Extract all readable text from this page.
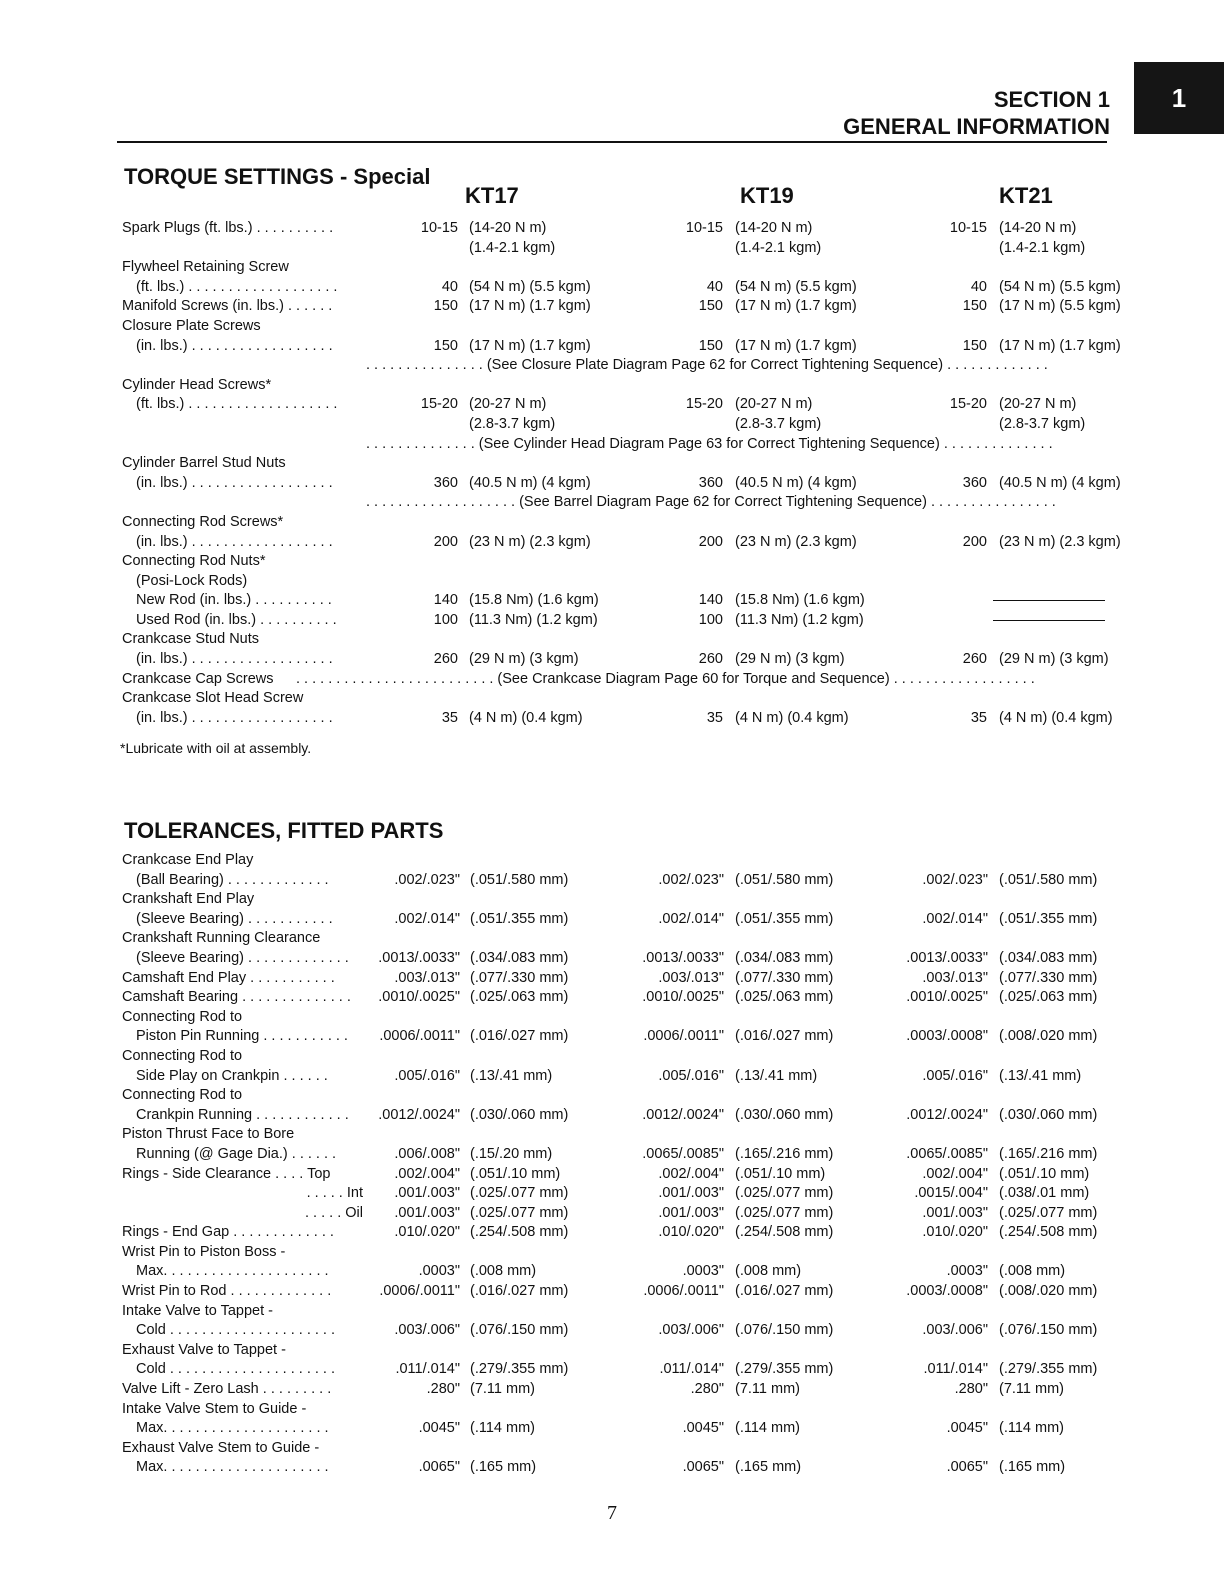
1
SECTION 1
GENERAL INFORMATION
TORQUE SETTINGS - Special
KT17	KT19	KT21
Spark Plugs (ft. lbs.) . . . . . . . . . .	10-15 (14-20 N m)	10-15 (14-20 N m)	10-15 (14-20 N m)
(1.4-2.1 kgm)	(1.4-2.1 kgm)	(1.4-2.1 kgm)
Flywheel Retaining Screw
(ft. lbs.) . . . . . . . . . . . . . . . . . . .	40 (54 N m) (5.5 kgm)	40 (54 N m) (5.5 kgm)	40 (54 N m) (5.5 kgm)
Manifold Screws (in. lbs.) . . . . . .	150 (17 N m) (1.7 kgm)	150 (17 N m) (1.7 kgm)	150 (17 N m) (5.5 kgm)
Closure Plate Screws
(in. lbs.) . . . . . . . . . . . . . . . . . .	150 (17 N m) (1.7 kgm)	150 (17 N m) (1.7 kgm)	150 (17 N m) (1.7 kgm)
. . . . . . . . . . . . . . . (See Closure Plate Diagram Page 62 for Correct Tightening Sequence) . . . . . . . . . . . . .
Cylinder Head Screws*
(ft. lbs.) . . . . . . . . . . . . . . . . . . .	15-20 (20-27 N m)	15-20 (20-27 N m)	15-20 (20-27 N m)
(2.8-3.7 kgm)	(2.8-3.7 kgm)	(2.8-3.7 kgm)
. . . . . . . . . . . . . . (See Cylinder Head Diagram Page 63 for Correct Tightening Sequence) . . . . . . . . . . . . . .
Cylinder Barrel Stud Nuts
(in. lbs.) . . . . . . . . . . . . . . . . . .	360 (40.5 N m) (4 kgm)	360 (40.5 N m) (4 kgm)	360 (40.5 N m) (4 kgm)
. . . . . . . . . . . . . . . . . . . (See Barrel Diagram Page 62 for Correct Tightening Sequence) . . . . . . . . . . . . . . . .
Connecting Rod Screws*
(in. lbs.) . . . . . . . . . . . . . . . . . .	200 (23 N m) (2.3 kgm)	200 (23 N m) (2.3 kgm)	200 (23 N m) (2.3 kgm)
Connecting Rod Nuts*
(Posi-Lock Rods)
New Rod (in. lbs.) . . . . . . . . . .	140 (15.8 Nm) (1.6 kgm)	140 (15.8 Nm) (1.6 kgm)
Used Rod (in. lbs.) . . . . . . . . . .	100 (11.3 Nm) (1.2 kgm)	100 (11.3 Nm) (1.2 kgm)
Crankcase Stud Nuts
(in. lbs.) . . . . . . . . . . . . . . . . . .	260 (29 N m) (3 kgm)	260 (29 N m) (3 kgm)	260 (29 N m) (3 kgm)
Crankcase Cap Screws	. . . . . . . . . . . . . . . . . . . . . . . . . (See Crankcase Diagram Page 60 for Torque and Sequence) . . . . . . . . . . . . . . . . . .
Crankcase Slot Head Screw
(in. lbs.) . . . . . . . . . . . . . . . . . .	35 (4 N m) (0.4 kgm)	35 (4 N m) (0.4 kgm)	35 (4 N m) (0.4 kgm)
*Lubricate with oil at assembly.
TOLERANCES, FITTED PARTS
Crankcase End Play
(Ball Bearing) . . . . . . . . . . . . .	.002/.023" (.051/.580 mm)	.002/.023" (.051/.580 mm)	.002/.023" (.051/.580 mm)
Crankshaft End Play
(Sleeve Bearing) . . . . . . . . . . .	.002/.014" (.051/.355 mm)	.002/.014" (.051/.355 mm)	.002/.014" (.051/.355 mm)
Crankshaft Running Clearance
(Sleeve Bearing) . . . . . . . . . . . . .	.0013/.0033" (.034/.083 mm)	.0013/.0033" (.034/.083 mm)	.0013/.0033" (.034/.083 mm)
Camshaft End Play . . . . . . . . . . .	.003/.013" (.077/.330 mm)	.003/.013" (.077/.330 mm)	.003/.013" (.077/.330 mm)
Camshaft Bearing . . . . . . . . . . . . . .	.0010/.0025" (.025/.063 mm)	.0010/.0025" (.025/.063 mm)	.0010/.0025" (.025/.063 mm)
Connecting Rod to
Piston Pin Running . . . . . . . . . . .	.0006/.0011" (.016/.027 mm)	.0006/.0011" (.016/.027 mm)	.0003/.0008" (.008/.020 mm)
Connecting Rod to
Side Play on Crankpin . . . . . .	.005/.016" (.13/.41 mm)	.005/.016" (.13/.41 mm)	.005/.016" (.13/.41 mm)
Connecting Rod to
Crankpin Running . . . . . . . . . . . .	.0012/.0024" (.030/.060 mm)	.0012/.0024" (.030/.060 mm)	.0012/.0024" (.030/.060 mm)
Piston Thrust Face to Bore
Running (@ Gage Dia.) . . . . . .	.006/.008" (.15/.20 mm)	.0065/.0085" (.165/.216 mm)	.0065/.0085" (.165/.216 mm)
Rings - Side Clearance . . . . Top	.002/.004" (.051/.10 mm)	.002/.004" (.051/.10 mm)	.002/.004" (.051/.10 mm)
. . . . . Int .001/.003" (.025/.077 mm)	.001/.003" (.025/.077 mm)	.0015/.004" (.038/.01 mm)
. . . . . Oil .001/.003" (.025/.077 mm)	.001/.003" (.025/.077 mm)	.001/.003" (.025/.077 mm)
Rings - End Gap . . . . . . . . . . . . .	.010/.020" (.254/.508 mm)	.010/.020" (.254/.508 mm)	.010/.020" (.254/.508 mm)
Wrist Pin to Piston Boss -
Max. . . . . . . . . . . . . . . . . . . . .	.0003" (.008 mm)	.0003" (.008 mm)	.0003" (.008 mm)
Wrist Pin to Rod . . . . . . . . . . . . .	.0006/.0011" (.016/.027 mm)	.0006/.0011" (.016/.027 mm)	.0003/.0008" (.008/.020 mm)
Intake Valve to Tappet -
Cold . . . . . . . . . . . . . . . . . . . . .	.003/.006" (.076/.150 mm)	.003/.006" (.076/.150 mm)	.003/.006" (.076/.150 mm)
Exhaust Valve to Tappet -
Cold . . . . . . . . . . . . . . . . . . . . .	.011/.014" (.279/.355 mm)	.011/.014" (.279/.355 mm)	.011/.014" (.279/.355 mm)
Valve Lift - Zero Lash . . . . . . . . .	.280" (7.11 mm)	.280" (7.11 mm)	.280" (7.11 mm)
Intake Valve Stem to Guide -
Max. . . . . . . . . . . . . . . . . . . . .	.0045" (.114 mm)	.0045" (.114 mm)	.0045" (.114 mm)
Exhaust Valve Stem to Guide -
Max. . . . . . . . . . . . . . . . . . . . .	.0065" (.165 mm)	.0065" (.165 mm)	.0065" (.165 mm)
7
